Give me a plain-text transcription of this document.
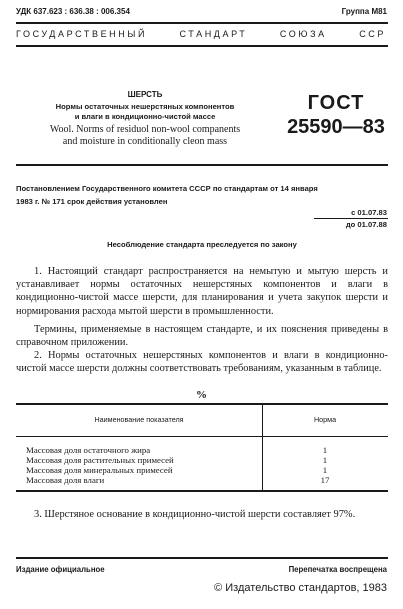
УДК 637.623 : 636.38 : 006.354	Группа М81
ГОСУДАРСТВЕННЫЙ СТАНДАРТ СОЮЗА ССР
ШЕРСТЬ
Нормы остаточных нешерстяных компонентов
и влаги в кондиционно-чистой массе
Wool. Norms of residuol non-wool companents
and moisture in conditionally cleon mass
ГОСТ
25590—83
Постановлением Государственного комитета СССР по стандартам от 14 января
1983 г. № 171 срок действия установлен
с 01.07.83
до 01.07.88
Несоблюдение стандарта преследуется по закону
1. Настоящий стандарт распространяется на немытую и мытую шерсть и устанавливает нормы остаточных нешерстяных компонентов и влаги в кондиционно-чистой массе шерсти, для планирования и учета закупок шерсти и нормирования расхода мытой шерсти в промышленности.
Термины, применяемые в настоящем стандарте, и их пояснения приведены в справочном приложении.
2. Нормы остаточных нешерстяных компонентов и влаги в кондиционно-чистой массе шерсти должны соответствовать требованиям, указанным в таблице.
%
Наименование показателя	Норма
Массовая доля остаточного жира	1
Массовая доля растительных примесей	1
Массовая доля минеральных примесей	1
Массовая доля влаги	17
3. Шерстяное основание в кондиционно-чистой шерсти составляет 97%.
Издание официальное	Перепечатка воспрещена
© Издательство стандартов, 1983
